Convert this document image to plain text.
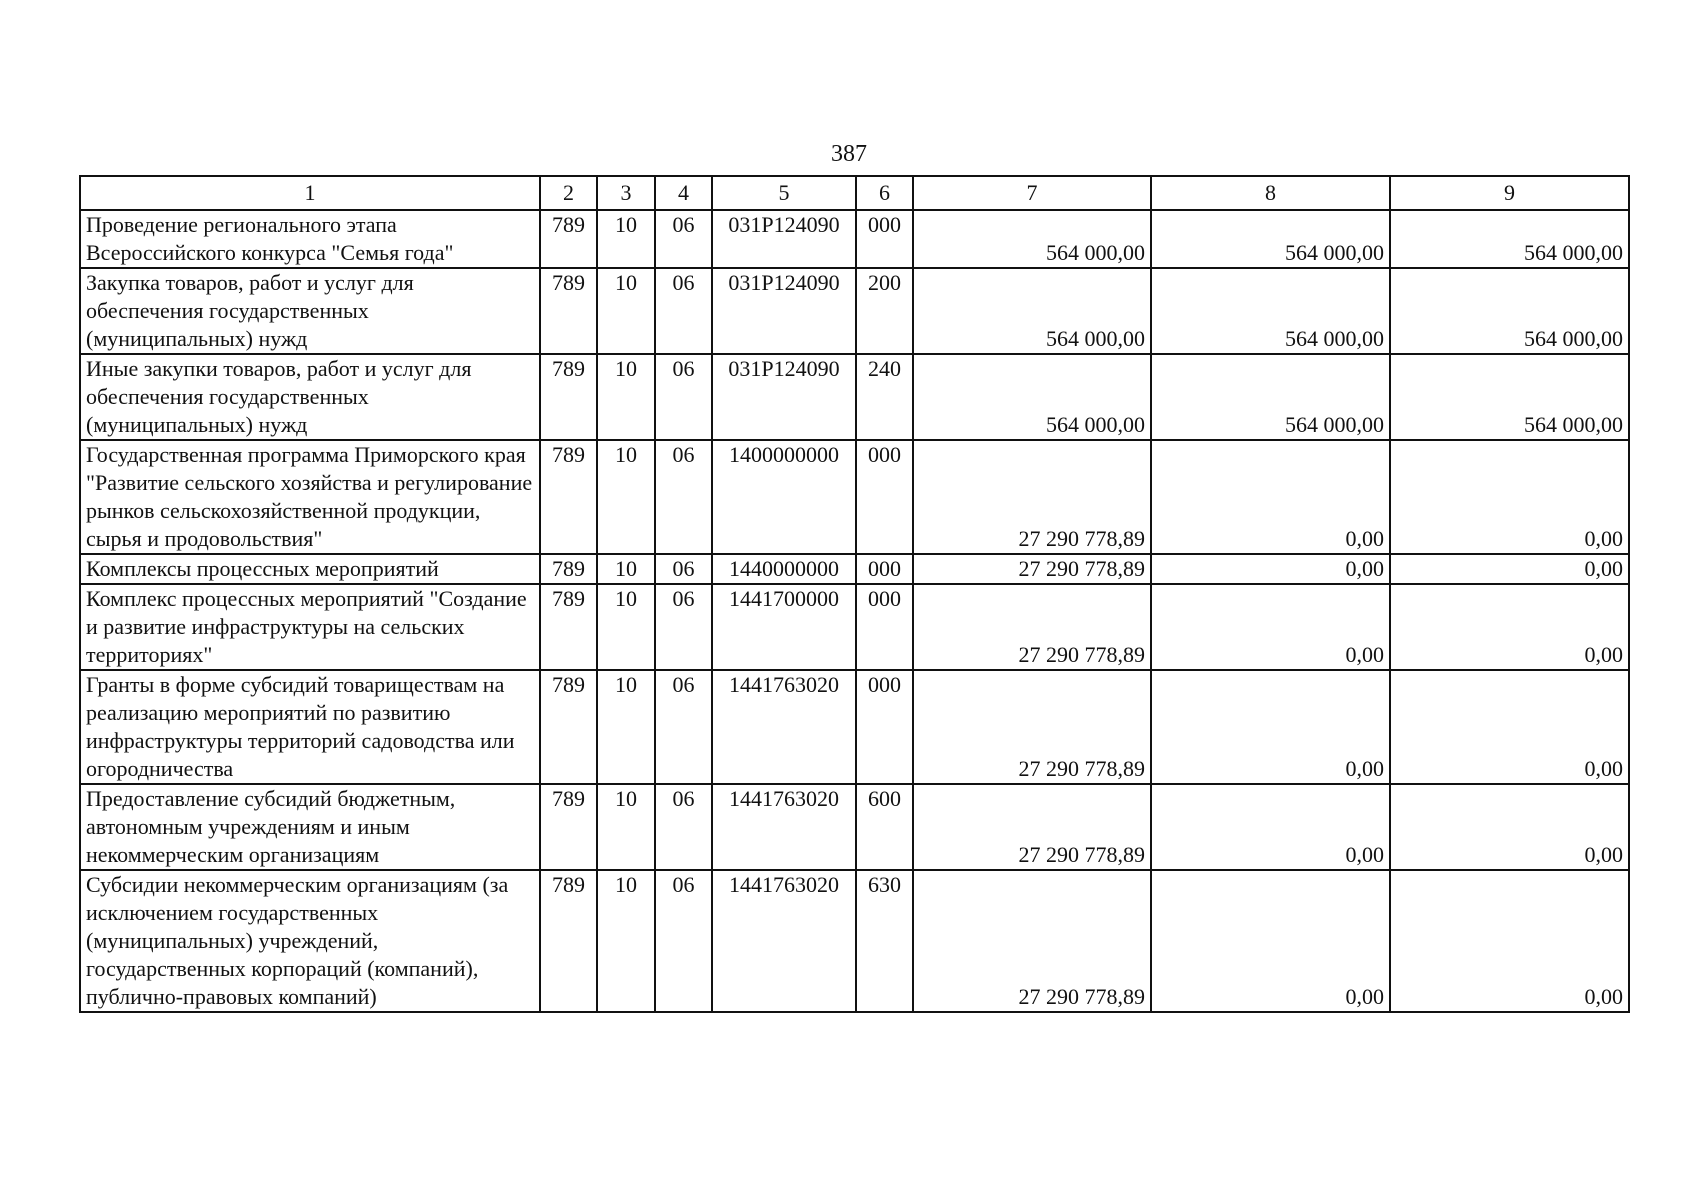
387
1	2	3	4	5	6	7	8	9
Проведение регионального этапа Всероссийского конкурса "Семья года"	789	10	06	031P124090	000	564 000,00	564 000,00	564 000,00
Закупка товаров, работ и услуг для обеспечения государственных (муниципальных) нужд	789	10	06	031P124090	200	564 000,00	564 000,00	564 000,00
Иные закупки товаров, работ и услуг для обеспечения государственных (муниципальных) нужд	789	10	06	031P124090	240	564 000,00	564 000,00	564 000,00
Государственная программа Приморского края "Развитие сельского хозяйства и регулирование рынков сельскохозяйственной продукции, сырья и продовольствия"	789	10	06	1400000000	000	27 290 778,89	0,00	0,00
Комплексы процессных мероприятий	789	10	06	1440000000	000	27 290 778,89	0,00	0,00
Комплекс процессных мероприятий "Создание и развитие инфраструктуры на сельских территориях"	789	10	06	1441700000	000	27 290 778,89	0,00	0,00
Гранты в форме субсидий товариществам на реализацию мероприятий по развитию инфраструктуры территорий садоводства или огородничества	789	10	06	1441763020	000	27 290 778,89	0,00	0,00
Предоставление субсидий бюджетным, автономным учреждениям и иным некоммерческим организациям	789	10	06	1441763020	600	27 290 778,89	0,00	0,00
Субсидии некоммерческим организациям (за исключением государственных (муниципальных) учреждений, государственных корпораций (компаний), публично-правовых компаний)	789	10	06	1441763020	630	27 290 778,89	0,00	0,00
